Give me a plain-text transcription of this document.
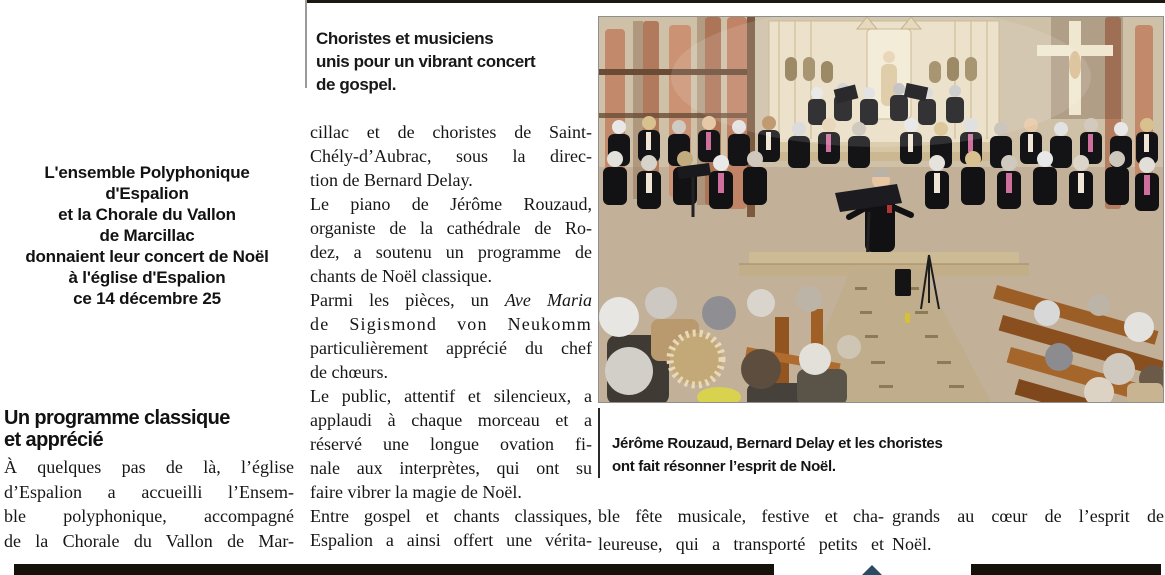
L'ensemble Polyphonique
d'Espalion
et la Chorale du Vallon
de Marcillac
donnaient leur concert de Noël
à l'église d'Espalion
ce 14 décembre 25
Un programme classique
et apprécié
À quelques pas de là, l’église
d’Espalion a accueilli l’Ensem-
ble polyphonique, accompagné
de la Chorale du Vallon de Mar-
Choristes et musiciens
unis pour un vibrant concert
de gospel.
cillac et de choristes de Saint-
Chély-d’Aubrac, sous la direc-
tion de Bernard Delay.
Le piano de Jérôme Rouzaud,
organiste de la cathédrale de Ro-
dez, a soutenu un programme de
chants de Noël classique.
Parmi les pièces, un Ave Maria
de Sigismond von Neukomm
particulièrement apprécié du chef
de chœurs.
Le public, attentif et silencieux, a
applaudi à chaque morceau et a
réservé une longue ovation fi-
nale aux interprètes, qui ont su
faire vibrer la magie de Noël.
Entre gospel et chants classiques,
Espalion a ainsi offert une vérita-
Jérôme Rouzaud, Bernard Delay et les choristes
ont fait résonner l’esprit de Noël.
ble fête musicale, festive et cha-
leureuse, qui a transporté petits et
grands au cœur de l’esprit de
Noël.
